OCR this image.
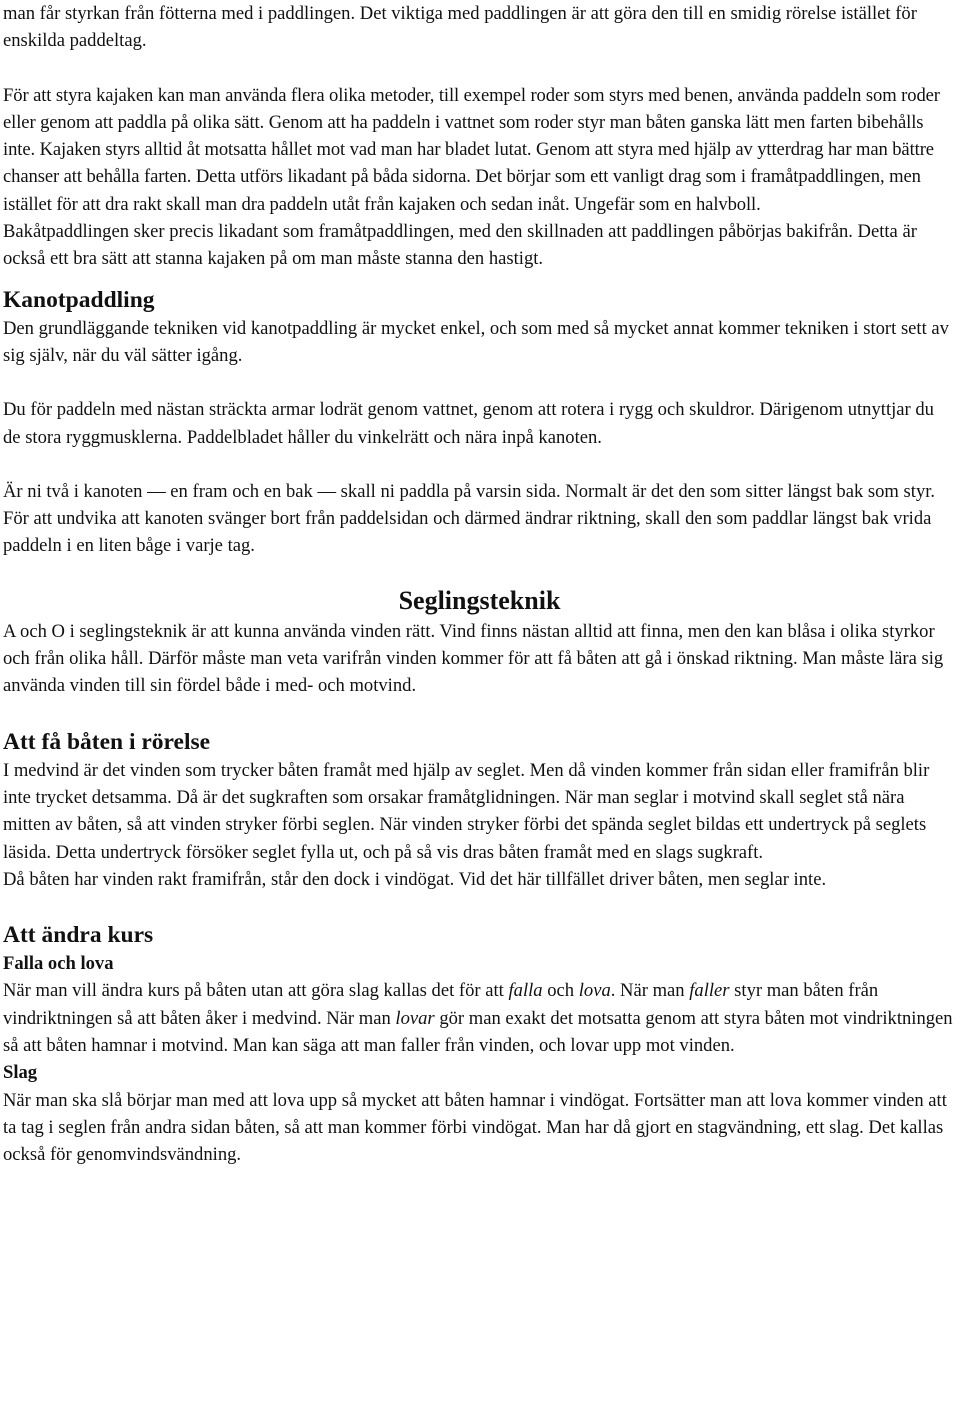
man får styrkan från fötterna med i paddlingen. Det viktiga med paddlingen är att göra den till en smidig rörelse istället för enskilda paddeltag.

För att styra kajaken kan man använda flera olika metoder, till exempel roder som styrs med benen, använda paddeln som roder eller genom att paddla på olika sätt. Genom att ha paddeln i vattnet som roder styr man båten ganska lätt men farten bibehålls inte. Kajaken styrs alltid åt motsatta hållet mot vad man har bladet lutat. Genom att styra med hjälp av ytterdrag har man bättre chanser att behålla farten. Detta utförs likadant på båda sidorna. Det börjar som ett vanligt drag som i framåtpaddlingen, men istället för att dra rakt skall man dra paddeln utåt från kajaken och sedan inåt. Ungefär som en halvboll.

Bakåtpaddlingen sker precis likadant som framåtpaddlingen, med den skillnaden att paddlingen påbörjas bakifrån. Detta är också ett bra sätt att stanna kajaken på om man måste stanna den hastigt.

Kanotpaddling

Den grundläggande tekniken vid kanotpaddling är mycket enkel, och som med så mycket annat kommer tekniken i stort sett av sig själv, när du väl sätter igång.

Du för paddeln med nästan sträckta armar lodrät genom vattnet, genom att rotera i rygg och skuldror. Därigenom utnyttjar du de stora ryggmusklerna. Paddelbladet håller du vinkelrätt och nära inpå kanoten.

Är ni två i kanoten — en fram och en bak — skall ni paddla på varsin sida. Normalt är det den som sitter längst bak som styr.

För att undvika att kanoten svänger bort från paddelsidan och därmed ändrar riktning, skall den som paddlar längst bak vrida paddeln i en liten båge i varje tag.

Seglingsteknik

A och O i seglingsteknik är att kunna använda vinden rätt. Vind finns nästan alltid att finna, men den kan blåsa i olika styrkor och från olika håll. Därför måste man veta varifrån vinden kommer för att få båten att gå i önskad riktning. Man måste lära sig använda vinden till sin fördel både i med- och motvind.

Att få båten i rörelse

I medvind är det vinden som trycker båten framåt med hjälp av seglet. Men då vinden kommer från sidan eller framifrån blir inte trycket detsamma. Då är det sugkraften som orsakar framåtglidningen. När man seglar i motvind skall seglet stå nära mitten av båten, så att vinden stryker förbi seglen. När vinden stryker förbi det spända seglet bildas ett undertryck på seglets läsida. Detta undertryck försöker seglet fylla ut, och på så vis dras båten framåt med en slags sugkraft.

Då båten har vinden rakt framifrån, står den dock i vindögat. Vid det här tillfället driver båten, men seglar inte.

Att ändra kurs
Falla och lova

När man vill ändra kurs på båten utan att göra slag kallas det för att falla och lova. När man faller styr man båten från vindriktningen så att båten åker i medvind. När man lovar gör man exakt det motsatta genom att styra båten mot vindriktningen så att båten hamnar i motvind. Man kan säga att man faller från vinden, och lovar upp mot vinden.

Slag

När man ska slå börjar man med att lova upp så mycket att båten hamnar i vindögat. Fortsätter man att lova kommer vinden att ta tag i seglen från andra sidan båten, så att man kommer förbi vindögat. Man har då gjort en stagvändning, ett slag. Det kallas också för genomvindsvändning.
